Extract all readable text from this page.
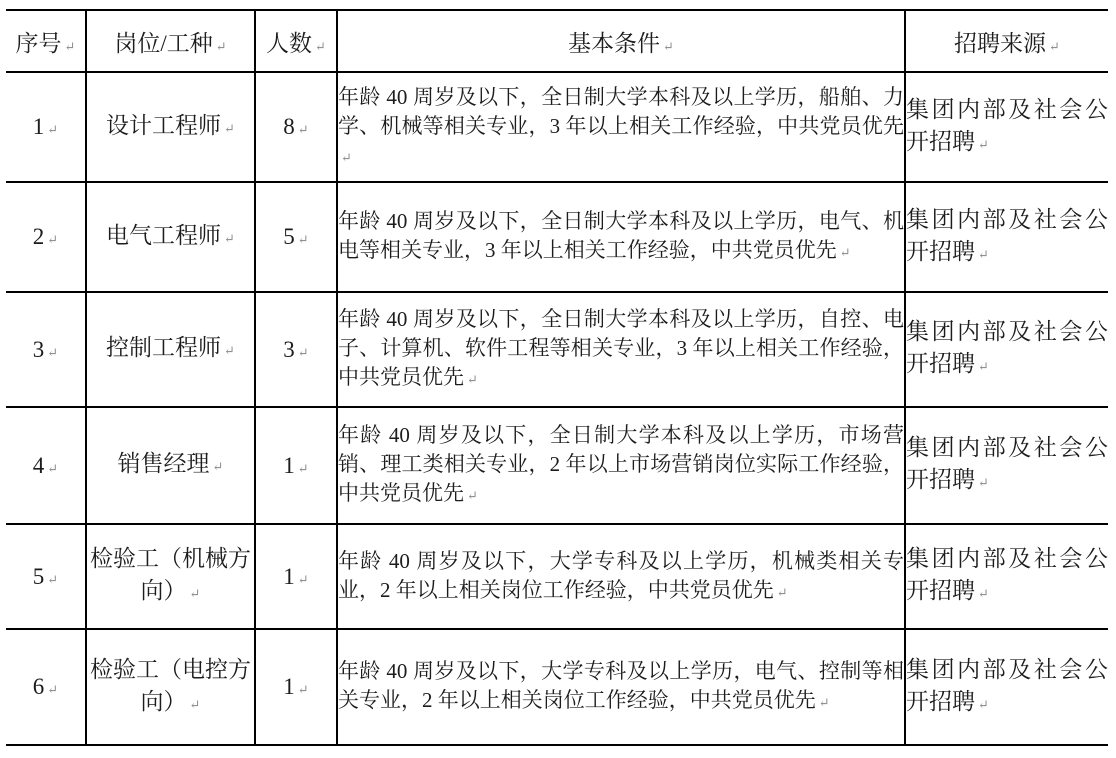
序号 ↵	岗位/工种 ↵	人数 ↵	基本条件 ↵	招聘来源 ↵
1 ↵	设计工程师 ↵	8 ↵	年龄 40 周岁及以下，全日制大学本科及以上学历，船舶、力学、机械等相关专业，3 年以上相关工作经验，中共党员优先↵	集团内部及社会公开招聘 ↵
2 ↵	电气工程师 ↵	5 ↵	年龄 40 周岁及以下，全日制大学本科及以上学历，电气、机电等相关专业，3 年以上相关工作经验，中共党员优先 ↵	集团内部及社会公开招聘 ↵
3 ↵	控制工程师 ↵	3 ↵	年龄 40 周岁及以下，全日制大学本科及以上学历，自控、电子、计算机、软件工程等相关专业，3 年以上相关工作经验，中共党员优先 ↵	集团内部及社会公开招聘 ↵
4 ↵	销售经理 ↵	1 ↵	年龄 40 周岁及以下，全日制大学本科及以上学历，市场营销、理工类相关专业，2 年以上市场营销岗位实际工作经验，中共党员优先 ↵	集团内部及社会公开招聘 ↵
5 ↵	检验工（机械方向） ↵	1 ↵	年龄 40 周岁及以下，大学专科及以上学历，机械类相关专业，2 年以上相关岗位工作经验，中共党员优先 ↵	集团内部及社会公开招聘 ↵
6 ↵	检验工（电控方向） ↵	1 ↵	年龄 40 周岁及以下，大学专科及以上学历，电气、控制等相关专业，2 年以上相关岗位工作经验，中共党员优先 ↵	集团内部及社会公开招聘 ↵
